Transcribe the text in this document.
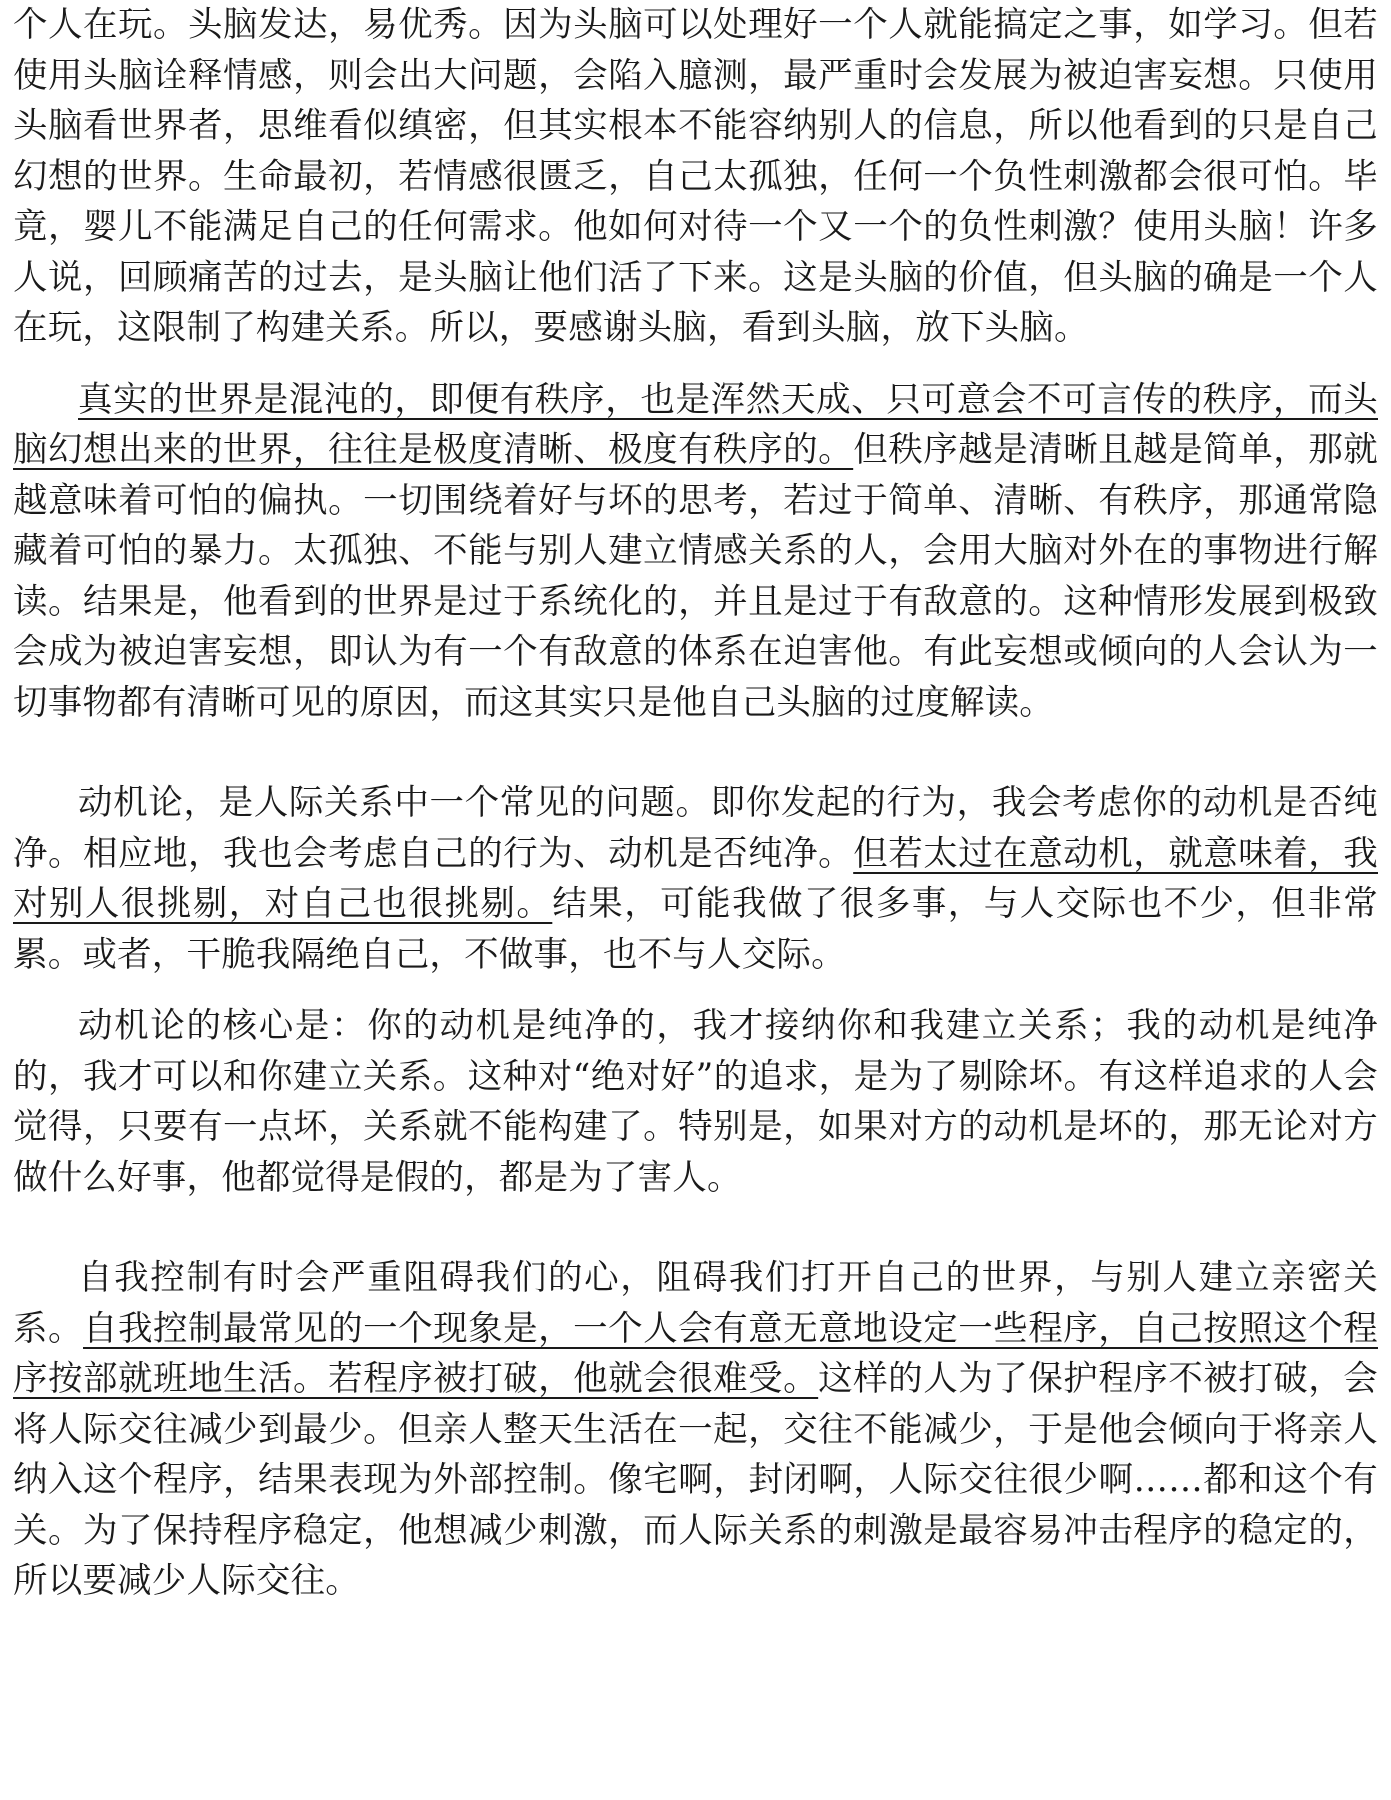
个人在玩。头脑发达，易优秀。因为头脑可以处理好一个人就能搞定之事，如学习。但若使用头脑诠释情感，则会出大问题，会陷入臆测，最严重时会发展为被迫害妄想。只使用头脑看世界者，思维看似缜密，但其实根本不能容纳别人的信息，所以他看到的只是自己幻想的世界。生命最初，若情感很匮乏，自己太孤独，任何一个负性刺激都会很可怕。毕竟，婴儿不能满足自己的任何需求。他如何对待一个又一个的负性刺激？使用头脑！许多人说，回顾痛苦的过去，是头脑让他们活了下来。这是头脑的价值，但头脑的确是一个人在玩，这限制了构建关系。所以，要感谢头脑，看到头脑，放下头脑。

真实的世界是混沌的，即便有秩序，也是浑然天成、只可意会不可言传的秩序，而头脑幻想出来的世界，往往是极度清晰、极度有秩序的。但秩序越是清晰且越是简单，那就越意味着可怕的偏执。一切围绕着好与坏的思考，若过于简单、清晰、有秩序，那通常隐藏着可怕的暴力。太孤独、不能与别人建立情感关系的人，会用大脑对外在的事物进行解读。结果是，他看到的世界是过于系统化的，并且是过于有敌意的。这种情形发展到极致会成为被迫害妄想，即认为有一个有敌意的体系在迫害他。有此妄想或倾向的人会认为一切事物都有清晰可见的原因，而这其实只是他自己头脑的过度解读。

动机论，是人际关系中一个常见的问题。即你发起的行为，我会考虑你的动机是否纯净。相应地，我也会考虑自己的行为、动机是否纯净。但若太过在意动机，就意味着，我对别人很挑剔，对自己也很挑剔。结果，可能我做了很多事，与人交际也不少，但非常累。或者，干脆我隔绝自己，不做事，也不与人交际。

动机论的核心是：你的动机是纯净的，我才接纳你和我建立关系；我的动机是纯净的，我才可以和你建立关系。这种对“绝对好”的追求，是为了剔除坏。有这样追求的人会觉得，只要有一点坏，关系就不能构建了。特别是，如果对方的动机是坏的，那无论对方做什么好事，他都觉得是假的，都是为了害人。

自我控制有时会严重阻碍我们的心，阻碍我们打开自己的世界，与别人建立亲密关系。自我控制最常见的一个现象是，一个人会有意无意地设定一些程序，自己按照这个程序按部就班地生活。若程序被打破，他就会很难受。这样的人为了保护程序不被打破，会将人际交往减少到最少。但亲人整天生活在一起，交往不能减少，于是他会倾向于将亲人纳入这个程序，结果表现为外部控制。像宅啊，封闭啊，人际交往很少啊……都和这个有关。为了保持程序稳定，他想减少刺激，而人际关系的刺激是最容易冲击程序的稳定的，所以要减少人际交往。
